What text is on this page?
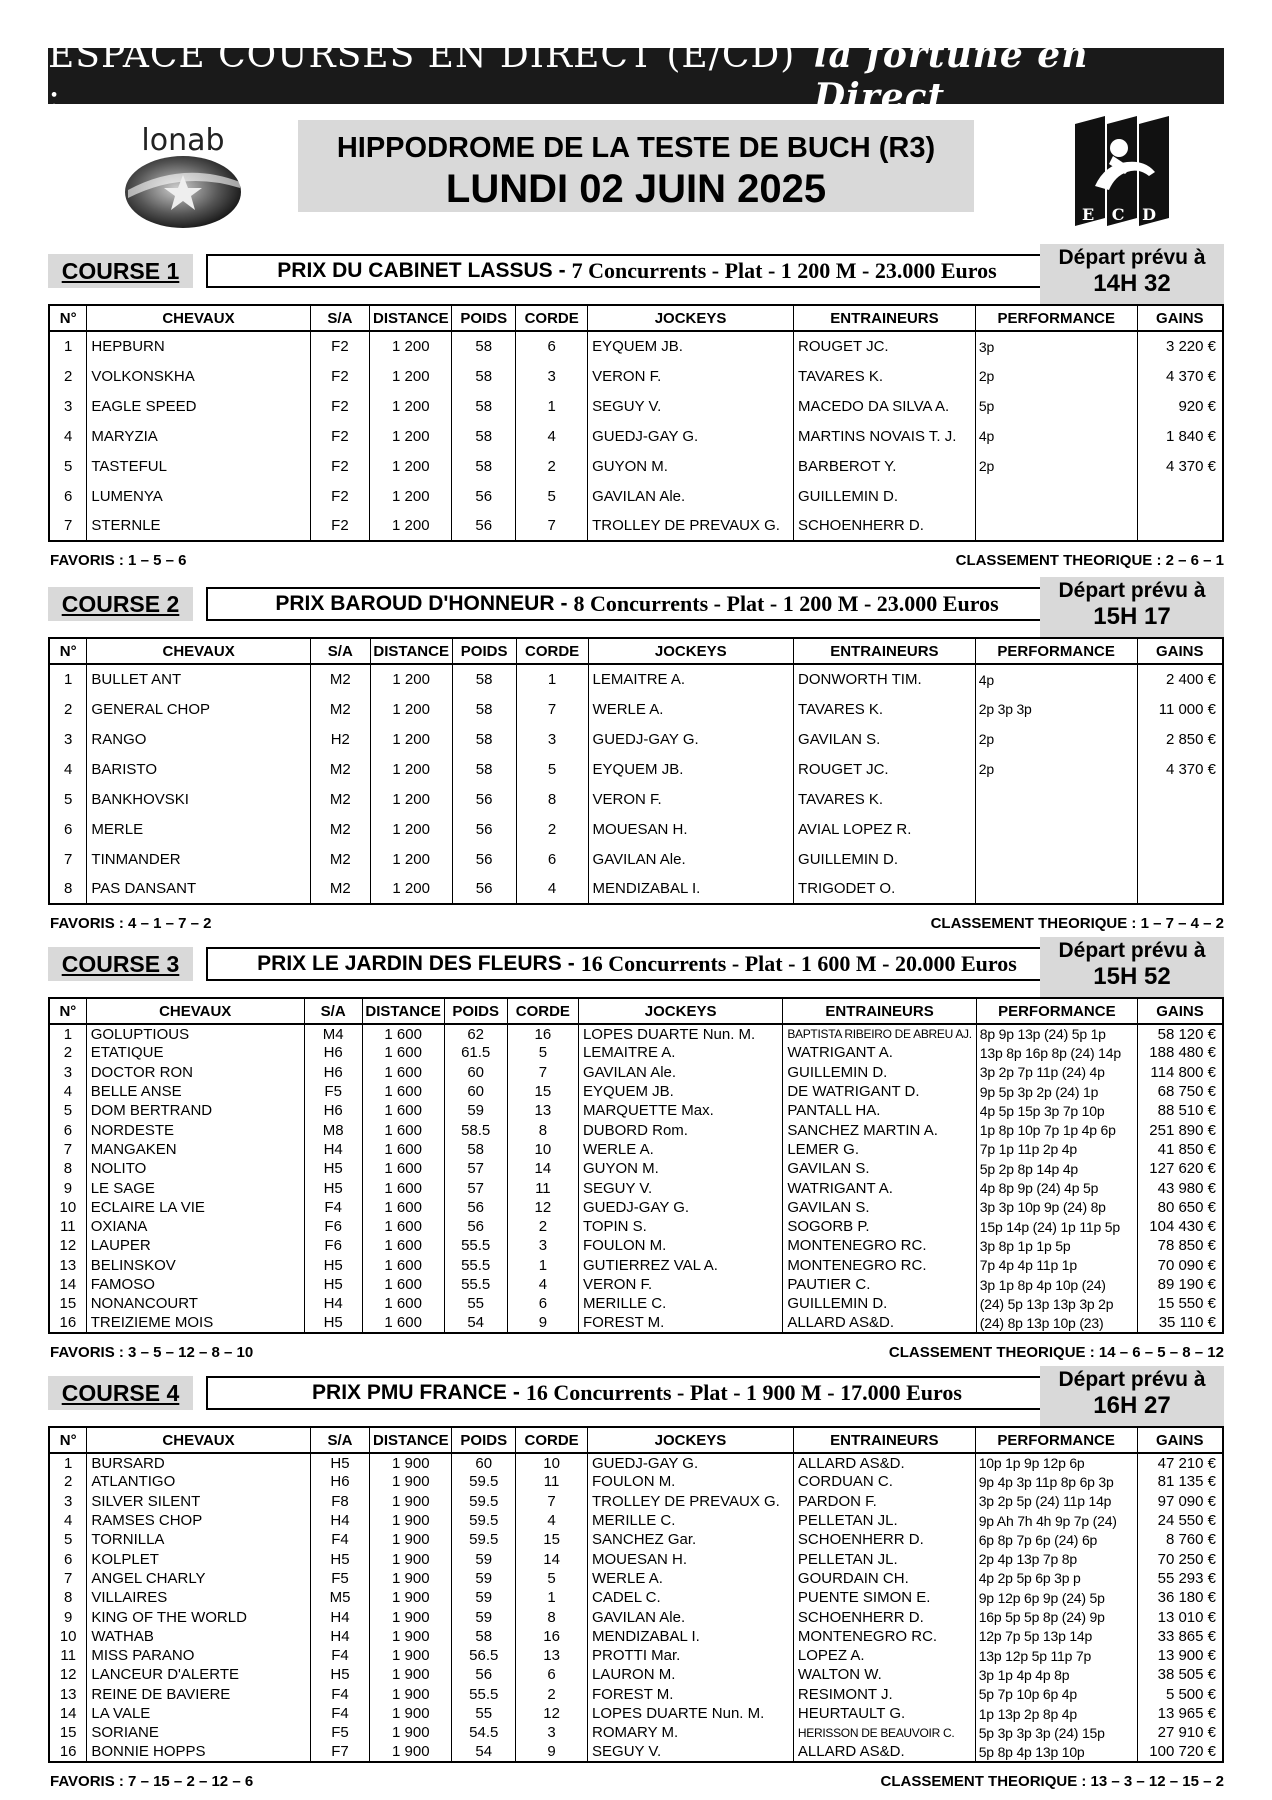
ESPACE COURSES EN DIRECT (E/CD) :
la fortune en Direct
lonab	HIPPODROME DE LA TESTE DE BUCH (R3)
LUNDI 02 JUIN 2025
E C D
COURSE 1	PRIX DU CABINET LASSUS - 7 Concurrents - Plat - 1 200 M - 23.000 Euros
Départ prévu à
14H 32
N°	CHEVAUX	S/A	DISTANCE	POIDS	CORDE	JOCKEYS	ENTRAINEURS	PERFORMANCE	GAINS
1	HEPBURN	F2	1 200	58	6	EYQUEM JB.	ROUGET JC.	3p	3 220 €
2	VOLKONSKHA	F2	1 200	58	3	VERON F.	TAVARES K.	2p	4 370 €
3	EAGLE SPEED	F2	1 200	58	1	SEGUY V.	MACEDO DA SILVA A.	5p	920 €
4	MARYZIA	F2	1 200	58	4	GUEDJ-GAY G.	MARTINS NOVAIS T. J.	4p	1 840 €
5	TASTEFUL	F2	1 200	58	2	GUYON M.	BARBEROT Y.	2p	4 370 €
6	LUMENYA	F2	1 200	56	5	GAVILAN Ale.	GUILLEMIN D.		
7	STERNLE	F2	1 200	56	7	TROLLEY DE PREVAUX G.	SCHOENHERR D.		
FAVORIS : 1 – 5 – 6	CLASSEMENT THEORIQUE : 2 – 6 – 1
COURSE 2	PRIX BAROUD D'HONNEUR - 8 Concurrents - Plat - 1 200 M - 23.000 Euros
Départ prévu à
15H 17
N°	CHEVAUX	S/A	DISTANCE	POIDS	CORDE	JOCKEYS	ENTRAINEURS	PERFORMANCE	GAINS
1	BULLET ANT	M2	1 200	58	1	LEMAITRE A.	DONWORTH TIM.	4p	2 400 €
2	GENERAL CHOP	M2	1 200	58	7	WERLE A.	TAVARES K.	2p 3p 3p	11 000 €
3	RANGO	H2	1 200	58	3	GUEDJ-GAY G.	GAVILAN S.	2p	2 850 €
4	BARISTO	M2	1 200	58	5	EYQUEM JB.	ROUGET JC.	2p	4 370 €
5	BANKHOVSKI	M2	1 200	56	8	VERON F.	TAVARES K.		
6	MERLE	M2	1 200	56	2	MOUESAN H.	AVIAL LOPEZ R.		
7	TINMANDER	M2	1 200	56	6	GAVILAN Ale.	GUILLEMIN D.		
8	PAS DANSANT	M2	1 200	56	4	MENDIZABAL I.	TRIGODET O.		
FAVORIS : 4 – 1 – 7 – 2	CLASSEMENT THEORIQUE : 1 – 7 – 4 – 2
COURSE 3	PRIX LE JARDIN DES FLEURS - 16 Concurrents - Plat - 1 600 M - 20.000 Euros
Départ prévu à
15H 52
N°	CHEVAUX	S/A	DISTANCE	POIDS	CORDE	JOCKEYS	ENTRAINEURS	PERFORMANCE	GAINS
1	GOLUPTIOUS	M4	1 600	62	16	LOPES DUARTE Nun. M.	BAPTISTA RIBEIRO DE ABREU AJ.	8p 9p 13p (24) 5p 1p	58 120 €
2	ETATIQUE	H6	1 600	61.5	5	LEMAITRE A.	WATRIGANT A.	13p 8p 16p 8p (24) 14p	188 480 €
3	DOCTOR RON	H6	1 600	60	7	GAVILAN Ale.	GUILLEMIN D.	3p 2p 7p 11p (24) 4p	114 800 €
4	BELLE ANSE	F5	1 600	60	15	EYQUEM JB.	DE WATRIGANT D.	9p 5p 3p 2p (24) 1p	68 750 €
5	DOM BERTRAND	H6	1 600	59	13	MARQUETTE Max.	PANTALL HA.	4p 5p 15p 3p 7p 10p	88 510 €
6	NORDESTE	M8	1 600	58.5	8	DUBORD Rom.	SANCHEZ MARTIN A.	1p 8p 10p 7p 1p 4p 6p	251 890 €
7	MANGAKEN	H4	1 600	58	10	WERLE A.	LEMER G.	7p 1p 11p 2p 4p	41 850 €
8	NOLITO	H5	1 600	57	14	GUYON M.	GAVILAN S.	5p 2p 8p 14p 4p	127 620 €
9	LE SAGE	H5	1 600	57	11	SEGUY V.	WATRIGANT A.	4p 8p 9p (24) 4p 5p	43 980 €
10	ECLAIRE LA VIE	F4	1 600	56	12	GUEDJ-GAY G.	GAVILAN S.	3p 3p 10p 9p (24) 8p	80 650 €
11	OXIANA	F6	1 600	56	2	TOPIN S.	SOGORB P.	15p 14p (24) 1p 11p 5p	104 430 €
12	LAUPER	F6	1 600	55.5	3	FOULON M.	MONTENEGRO RC.	3p 8p 1p 1p 5p	78 850 €
13	BELINSKOV	H5	1 600	55.5	1	GUTIERREZ VAL A.	MONTENEGRO RC.	7p 4p 4p 11p 1p	70 090 €
14	FAMOSO	H5	1 600	55.5	4	VERON F.	PAUTIER C.	3p 1p 8p 4p 10p (24)	89 190 €
15	NONANCOURT	H4	1 600	55	6	MERILLE C.	GUILLEMIN D.	(24) 5p 13p 13p 3p 2p	15 550 €
16	TREIZIEME MOIS	H5	1 600	54	9	FOREST M.	ALLARD AS&D.	(24) 8p 13p 10p (23)	35 110 €
FAVORIS : 3 – 5 – 12 – 8 – 10	CLASSEMENT THEORIQUE : 14 – 6 – 5 – 8 – 12
COURSE 4	PRIX PMU FRANCE - 16 Concurrents - Plat - 1 900 M - 17.000 Euros
Départ prévu à
16H 27
N°	CHEVAUX	S/A	DISTANCE	POIDS	CORDE	JOCKEYS	ENTRAINEURS	PERFORMANCE	GAINS
1	BURSARD	H5	1 900	60	10	GUEDJ-GAY G.	ALLARD AS&D.	10p 1p 9p 12p 6p	47 210 €
2	ATLANTIGO	H6	1 900	59.5	11	FOULON M.	CORDUAN C.	9p 4p 3p 11p 8p 6p 3p	81 135 €
3	SILVER SILENT	F8	1 900	59.5	7	TROLLEY DE PREVAUX G.	PARDON F.	3p 2p 5p (24) 11p 14p	97 090 €
4	RAMSES CHOP	H4	1 900	59.5	4	MERILLE C.	PELLETAN JL.	9p Ah 7h 4h 9p 7p (24)	24 550 €
5	TORNILLA	F4	1 900	59.5	15	SANCHEZ Gar.	SCHOENHERR D.	6p 8p 7p 6p (24) 6p	8 760 €
6	KOLPLET	H5	1 900	59	14	MOUESAN H.	PELLETAN JL.	2p 4p 13p 7p 8p	70 250 €
7	ANGEL CHARLY	F5	1 900	59	5	WERLE A.	GOURDAIN CH.	4p 2p 5p 6p 3p p	55 293 €
8	VILLAIRES	M5	1 900	59	1	CADEL C.	PUENTE SIMON E.	9p 12p 6p 9p (24) 5p	36 180 €
9	KING OF THE WORLD	H4	1 900	59	8	GAVILAN Ale.	SCHOENHERR D.	16p 5p 5p 8p (24) 9p	13 010 €
10	WATHAB	H4	1 900	58	16	MENDIZABAL I.	MONTENEGRO RC.	12p 7p 5p 13p 14p	33 865 €
11	MISS PARANO	F4	1 900	56.5	13	PROTTI Mar.	LOPEZ A.	13p 12p 5p 11p 7p	13 900 €
12	LANCEUR D'ALERTE	H5	1 900	56	6	LAURON M.	WALTON W.	3p 1p 4p 4p 8p	38 505 €
13	REINE DE BAVIERE	F4	1 900	55.5	2	FOREST M.	RESIMONT J.	5p 7p 10p 6p 4p	5 500 €
14	LA VALE	F4	1 900	55	12	LOPES DUARTE Nun. M.	HEURTAULT G.	1p 13p 2p 8p 4p	13 965 €
15	SORIANE	F5	1 900	54.5	3	ROMARY M.	HERISSON DE BEAUVOIR C.	5p 3p 3p 3p (24) 15p	27 910 €
16	BONNIE HOPPS	F7	1 900	54	9	SEGUY V.	ALLARD AS&D.	5p 8p 4p 13p 10p	100 720 €
FAVORIS : 7 – 15 – 2 – 12 – 6	CLASSEMENT THEORIQUE : 13 – 3 – 12 – 15 – 2
